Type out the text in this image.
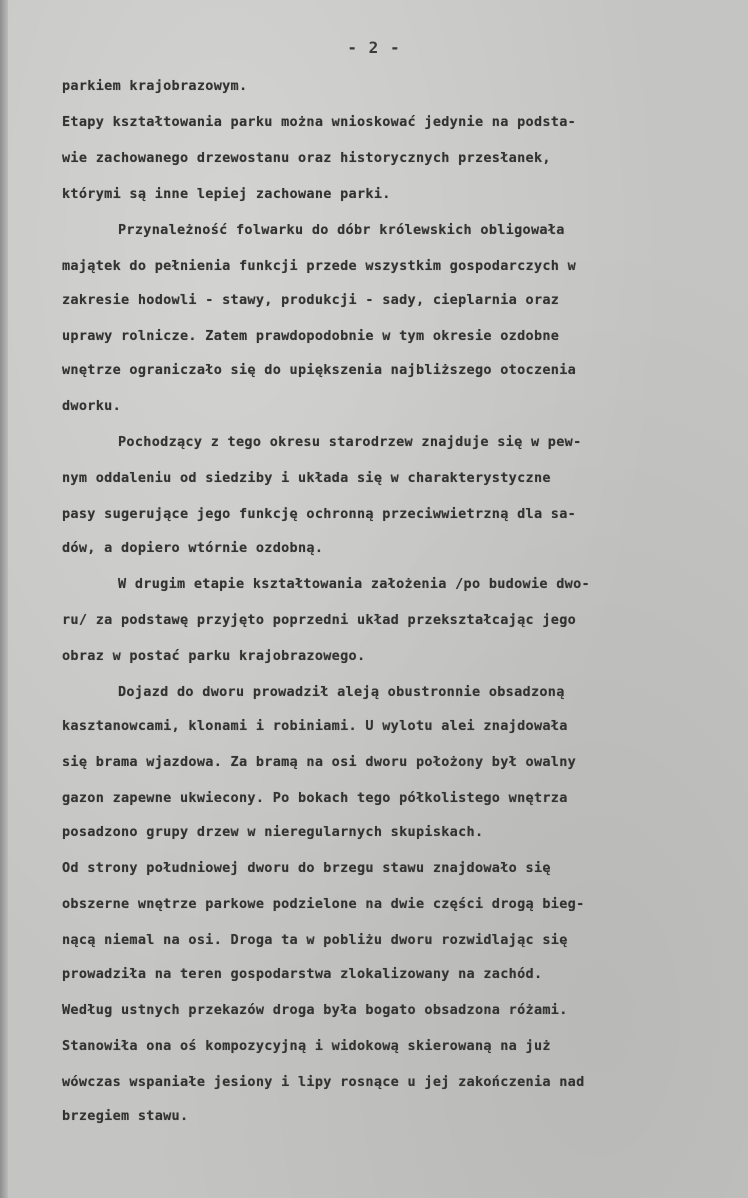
- 2 -
parkiem krajobrazowym.
Etapy kształtowania parku można wnioskować jedynie na podsta-
wie zachowanego drzewostanu oraz historycznych przesłanek,
którymi są inne lepiej zachowane parki.
Przynależność folwarku do dóbr królewskich obligowała
majątek do pełnienia funkcji przede wszystkim gospodarczych w
zakresie hodowli - stawy, produkcji - sady, cieplarnia oraz
uprawy rolnicze. Zatem prawdopodobnie w tym okresie ozdobne
wnętrze ograniczało się do upiększenia najbliższego otoczenia
dworku.
Pochodzący z tego okresu starodrzew znajduje się w pew-
nym oddaleniu od siedziby i układa się w charakterystyczne
pasy sugerujące jego funkcję ochronną przeciwwietrzną dla sa-
dów, a dopiero wtórnie ozdobną.
W drugim etapie kształtowania założenia /po budowie dwo-
ru/ za podstawę przyjęto poprzedni układ przekształcając jego
obraz w postać parku krajobrazowego.
Dojazd do dworu prowadził aleją obustronnie obsadzoną
kasztanowcami, klonami i robiniami. U wylotu alei znajdowała
się brama wjazdowa. Za bramą na osi dworu położony był owalny
gazon zapewne ukwiecony. Po bokach tego półkolistego wnętrza
posadzono grupy drzew w nieregularnych skupiskach.
Od strony południowej dworu do brzegu stawu znajdowało się
obszerne wnętrze parkowe podzielone na dwie części drogą bieg-
nącą niemal na osi. Droga ta w pobliżu dworu rozwidlając się
prowadziła na teren gospodarstwa zlokalizowany na zachód.
Według ustnych przekazów droga była bogato obsadzona różami.
Stanowiła ona oś kompozycyjną i widokową skierowaną na już
wówczas wspaniałe jesiony i lipy rosnące u jej zakończenia nad
brzegiem stawu.
